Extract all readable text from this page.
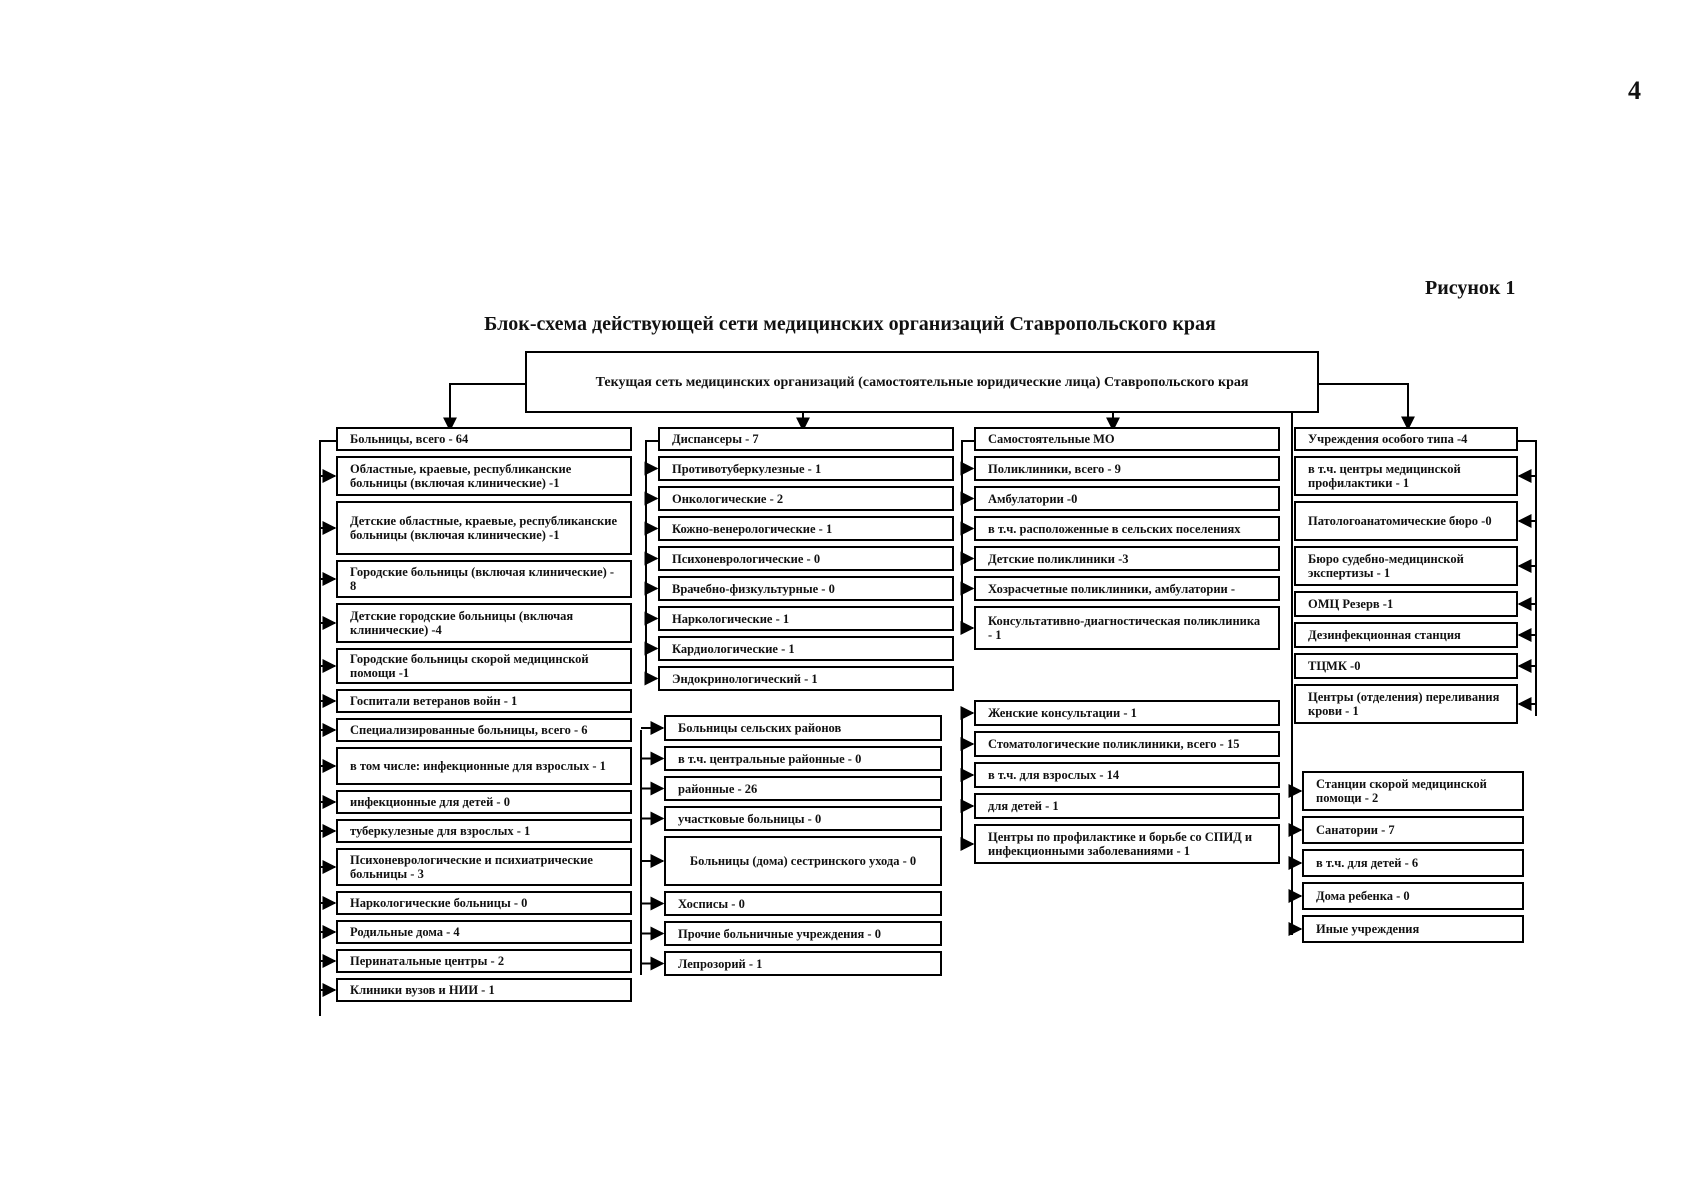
4
Рисунок 1
Блок-схема действующей сети медицинских организаций Ставропольского края
Текущая сеть медицинских организаций (самостоятельные юридические лица) Ставропольского края
Больницы, всего - 64
Областные, краевые, республиканские больницы (включая клинические) -1
Детские областные, краевые, республиканские больницы (включая клинические) -1
Городские больницы (включая клинические) - 8
Детские городские больницы (включая клинические) -4
Городские больницы скорой медицинской помощи -1
Госпитали ветеранов войн - 1
Специализированные больницы, всего - 6
в том числе: инфекционные для взрослых - 1
инфекционные для детей - 0
туберкулезные для взрослых - 1
Психоневрологические и психиатрические больницы - 3
Наркологические больницы - 0
Родильные дома - 4
Перинатальные центры - 2
Клиники вузов и НИИ - 1
Диспансеры - 7
Противотуберкулезные - 1
Онкологические - 2
Кожно-венерологические - 1
Психоневрологические - 0
Врачебно-физкультурные - 0
Наркологические - 1
Кардиологические - 1
Эндокринологический - 1
Больницы сельских районов
в т.ч. центральные районные - 0
районные - 26
участковые больницы - 0
Больницы (дома) сестринского ухода - 0
Хосписы - 0
Прочие больничные учреждения - 0
Лепрозорий - 1
Самостоятельные МО
Поликлиники, всего - 9
Амбулатории -0
в т.ч. расположенные в сельских поселениях
Детские поликлиники -3
Хозрасчетные поликлиники, амбулатории -
Консультативно-диагностическая поликлиника - 1
Женские консультации - 1
Стоматологические поликлиники, всего - 15
в т.ч. для взрослых - 14
для детей - 1
Центры по профилактике и борьбе со СПИД и инфекционными заболеваниями - 1
Учреждения особого типа -4
в т.ч. центры медицинской профилактики - 1
Патологоанатомические бюро -0
Бюро судебно-медицинской экспертизы - 1
ОМЦ Резерв -1
Дезинфекционная станция
ТЦМК -0
Центры (отделения) переливания крови - 1
Станции скорой медицинской помощи - 2
Санатории - 7
в т.ч. для детей - 6
Дома ребенка - 0
Иные учреждения
